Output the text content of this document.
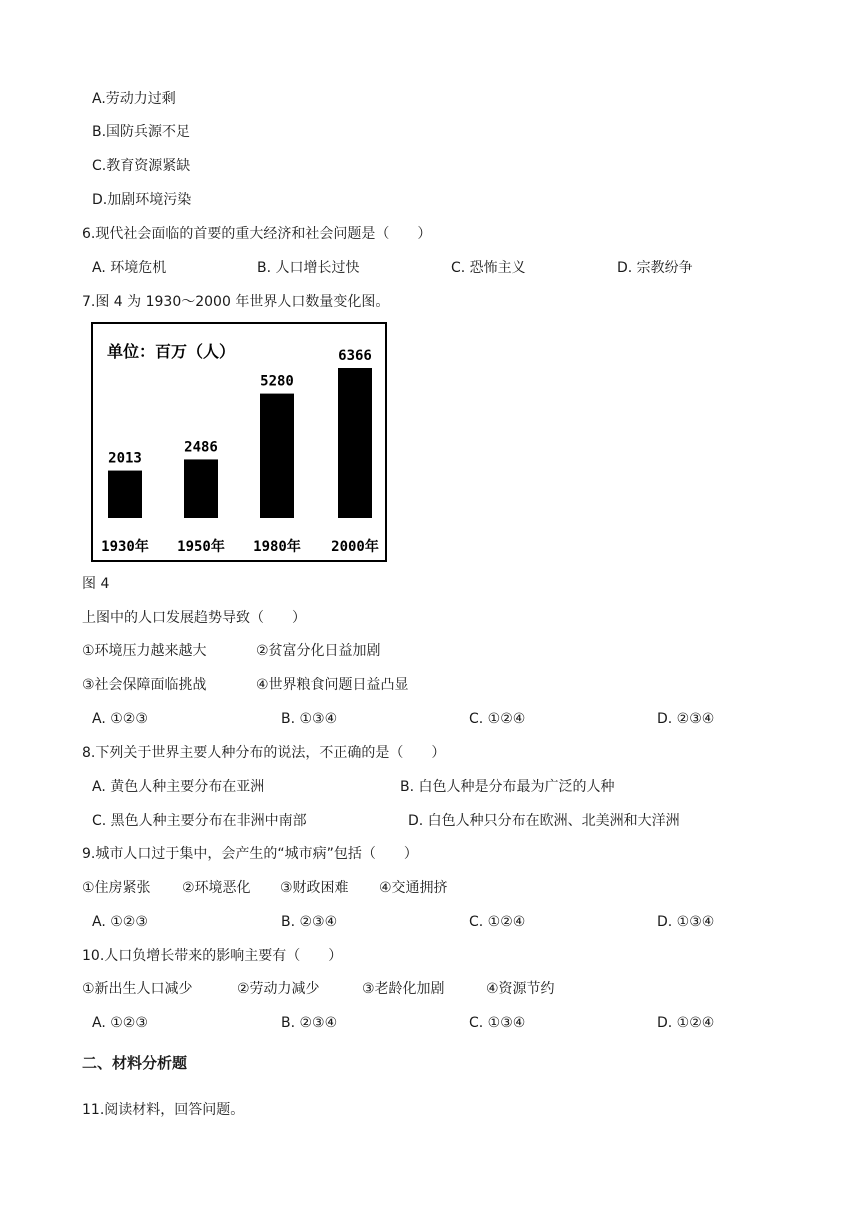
A.劳动力过剩
B.国防兵源不足
C.教育资源紧缺
D.加剧环境污染
6.现代社会面临的首要的重大经济和社会问题是（　　）
A. 环境危机	B. 人口增长过快	C. 恐怖主义	D. 宗教纷争
7.图 4 为 1930～2000 年世界人口数量变化图。
单位：百万（人）
2013
1930年
2486
1950年
5280
1980年
6366
2000年
图 4
上图中的人口发展趋势导致（　　）
①环境压力越来越大	②贫富分化日益加剧
③社会保障面临挑战	④世界粮食问题日益凸显
A. ①②③	B. ①③④	C. ①②④	D. ②③④
8.下列关于世界主要人种分布的说法，不正确的是（　　）
A. 黄色人种主要分布在亚洲	B. 白色人种是分布最为广泛的人种
C. 黑色人种主要分布在非洲中南部	D. 白色人种只分布在欧洲、北美洲和大洋洲
9.城市人口过于集中，会产生的“城市病”包括（　　）
①住房紧张 ②环境恶化 ③财政困难 ④交通拥挤
A. ①②③	B. ②③④	C. ①②④	D. ①③④
10.人口负增长带来的影响主要有（　　）
①新出生人口减少	②劳动力减少	③老龄化加剧	④资源节约
A. ①②③	B. ②③④	C. ①③④	D. ①②④
二、材料分析题
11.阅读材料，回答问题。
